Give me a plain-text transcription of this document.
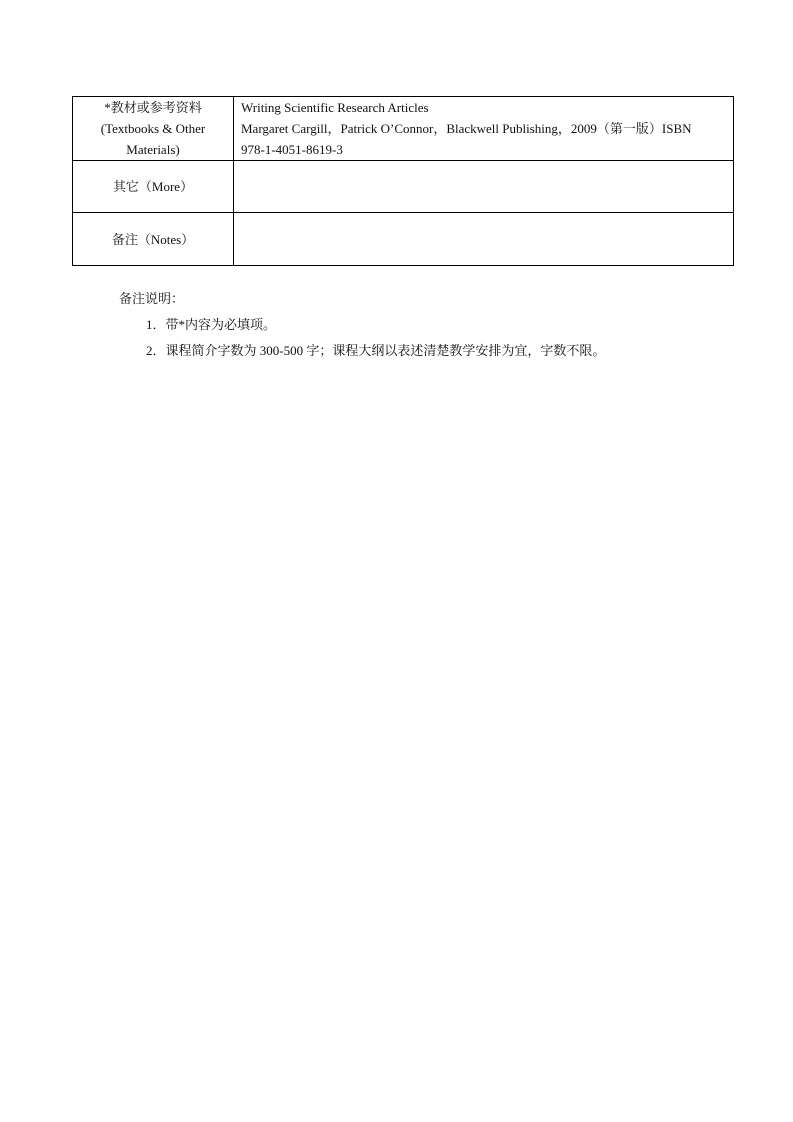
*教材或参考资料
(Textbooks & Other
Materials)	Writing Scientific Research Articles
Margaret Cargill，Patrick O’Connor，Blackwell Publishing，2009（第一版）ISBN
978-1-4051-8619-3

其它（More）	

备注（Notes）	

备注说明：
1．带*内容为必填项。
2．课程简介字数为 300-500 字；课程大纲以表述清楚教学安排为宜，字数不限。
